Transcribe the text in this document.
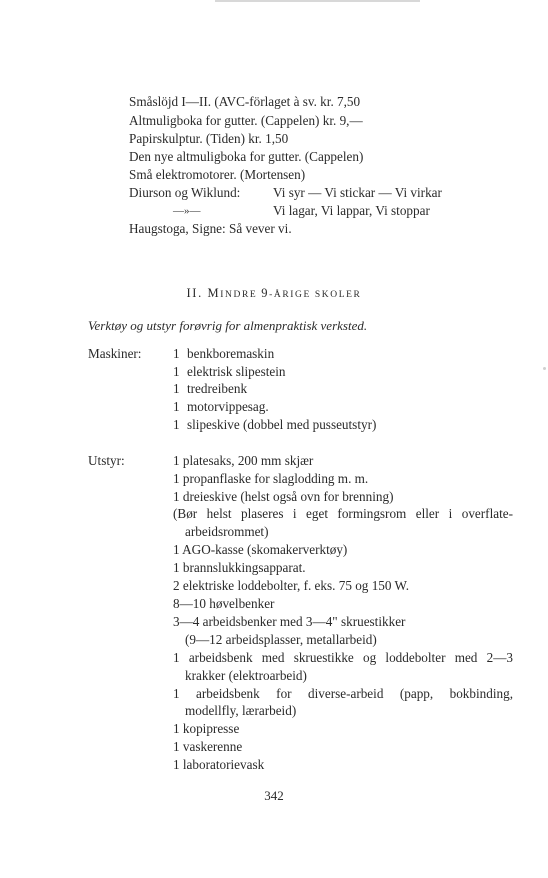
Småslöjd I—II. (AVC-förlaget à sv. kr. 7,50
Altmuligboka for gutter. (Cappelen) kr. 9,—
Papirskulptur. (Tiden) kr. 1,50
Den nye altmuligboka for gutter. (Cappelen)
Små elektromotorer. (Mortensen)
Diurson og Wiklund: Vi syr — Vi stickar — Vi virkar
—»—	Vi lagar, Vi lappar, Vi stoppar
Haugstoga, Signe: Så vever vi.
II. MINDRE 9-ÅRIGE SKOLER
Verktøy og utstyr forøvrig for almenpraktisk verksted.
Maskiner: 1 benkboremaskin
1 elektrisk slipestein
1 tredreibenk
1 motorvippesag.
1 slipeskive (dobbel med pusseutstyr)
Utstyr:	1 platesaks, 200 mm skjær
1 propanflaske for slaglodding m. m.
1 dreieskive (helst også ovn for brenning)
(Bør helst plaseres i eget formingsrom eller i overflate-
arbeidsrommet)
1 AGO-kasse (skomakerverktøy)
1 brannslukkingsapparat.
2 elektriske loddebolter, f. eks. 75 og 150 W.
8—10 høvelbenker
3—4 arbeidsbenker med 3—4" skruestikker
(9—12 arbeidsplasser, metallarbeid)
1 arbeidsbenk med skruestikke og loddebolter med 2—3
krakker (elektroarbeid)
1 arbeidsbenk for diverse-arbeid (papp, bokbinding,
modellfly, lærarbeid)
1 kopipresse
1 vaskerenne
1 laboratorievask
342
